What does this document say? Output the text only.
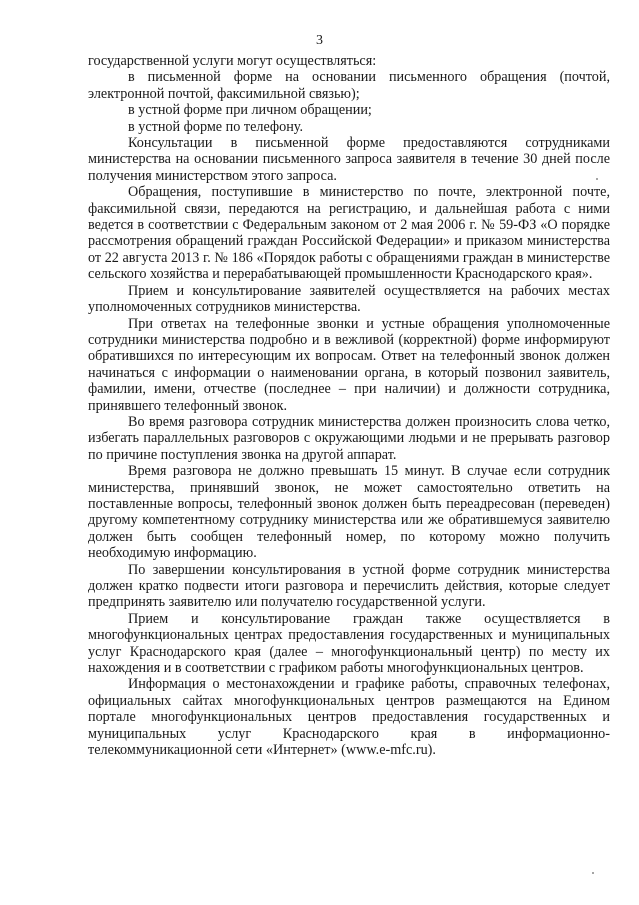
3

государственной услуги могут осуществляться:

в письменной форме на основании письменного обращения (почтой, электронной почтой, факсимильной связью);

в устной форме при личном обращении;

в устной форме по телефону.

Консультации в письменной форме предоставляются сотрудниками министерства на основании письменного запроса заявителя в течение 30 дней после получения министерством этого запроса.

Обращения, поступившие в министерство по почте, электронной почте, факсимильной связи, передаются на регистрацию, и дальнейшая работа с ними ведется в соответствии с Федеральным законом от 2 мая 2006 г. № 59-ФЗ «О порядке рассмотрения обращений граждан Российской Федерации» и приказом министерства от 22 августа 2013 г. № 186 «Порядок работы с обращениями граждан в министерстве сельского хозяйства и перерабатывающей промышленности Краснодарского края».

Прием и консультирование заявителей осуществляется на рабочих местах уполномоченных сотрудников министерства.

При ответах на телефонные звонки и устные обращения уполномоченные сотрудники министерства подробно и в вежливой (корректной) форме информируют обратившихся по интересующим их вопросам. Ответ на телефонный звонок должен начинаться с информации о наименовании органа, в который позвонил заявитель, фамилии, имени, отчестве (последнее – при наличии) и должности сотрудника, принявшего телефонный звонок.

Во время разговора сотрудник министерства должен произносить слова четко, избегать параллельных разговоров с окружающими людьми и не прерывать разговор по причине поступления звонка на другой аппарат.

Время разговора не должно превышать 15 минут. В случае если сотрудник министерства, принявший звонок, не может самостоятельно ответить на поставленные вопросы, телефонный звонок должен быть переадресован (переведен) другому компетентному сотруднику министерства или же обратившемуся заявителю должен быть сообщен телефонный номер, по которому можно получить необходимую информацию.

По завершении консультирования в устной форме сотрудник министерства должен кратко подвести итоги разговора и перечислить действия, которые следует предпринять заявителю или получателю государственной услуги.

Прием и консультирование граждан также осуществляется в многофункциональных центрах предоставления государственных и муниципальных услуг Краснодарского края (далее – многофункциональный центр) по месту их нахождения и в соответствии с графиком работы многофункциональных центров.

Информация о местонахождении и графике работы, справочных телефонах, официальных сайтах многофункциональных центров размещаются на Едином портале многофункциональных центров предоставления государственных и муниципальных услуг Краснодарского края в информационно-телекоммуникационной сети «Интернет» (www.e-mfc.ru).
